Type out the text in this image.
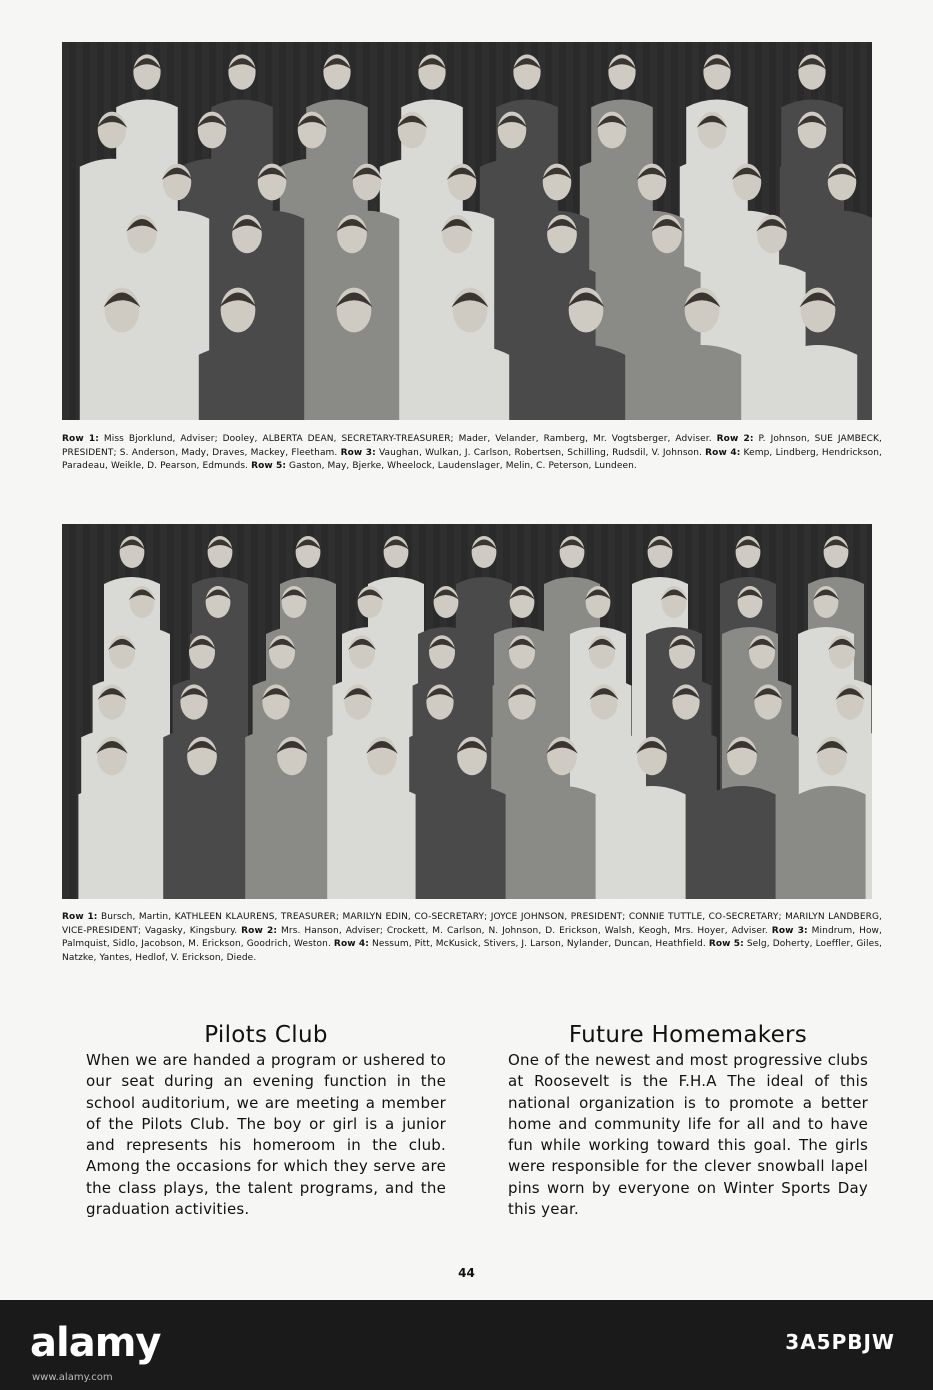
Row 1: Miss Bjorklund, Adviser; Dooley, ALBERTA DEAN, SECRETARY-TREASURER; Mader, Velander, Ramberg, Mr. Vogtsberger, Adviser. Row 2: P. Johnson, SUE JAMBECK, PRESIDENT; S. Anderson, Mady, Draves, Mackey, Fleetham. Row 3: Vaughan, Wulkan, J. Carlson, Robertsen, Schilling, Rudsdil, V. Johnson. Row 4: Kemp, Lindberg, Hendrickson, Paradeau, Weikle, D. Pearson, Edmunds. Row 5: Gaston, May, Bjerke, Wheelock, Laudenslager, Melin, C. Peterson, Lundeen.
Row 1: Bursch, Martin, KATHLEEN KLAURENS, TREASURER; MARILYN EDIN, CO-SECRETARY; JOYCE JOHNSON, PRESIDENT; CONNIE TUTTLE, CO-SECRETARY; MARILYN LANDBERG, VICE-PRESIDENT; Vagasky, Kingsbury. Row 2: Mrs. Hanson, Adviser; Crockett, M. Carlson, N. Johnson, D. Erickson, Walsh, Keogh, Mrs. Hoyer, Adviser. Row 3: Mindrum, How, Palmquist, Sidlo, Jacobson, M. Erickson, Goodrich, Weston. Row 4: Nessum, Pitt, McKusick, Stivers, J. Larson, Nylander, Duncan, Heathfield. Row 5: Selg, Doherty, Loeffler, Giles, Natzke, Yantes, Hedlof, V. Erickson, Diede.
Pilots Club

When we are handed a program or ushered to our seat during an evening function in the school auditorium, we are meeting a member of the Pilots Club. The boy or girl is a junior and represents his homeroom in the club. Among the occasions for which they serve are the class plays, the talent programs, and the graduation activities.

Future Homemakers

One of the newest and most progressive clubs at Roosevelt is the F.H.A The ideal of this national organization is to promote a better home and community life for all and to have fun while working toward this goal. The girls were responsible for the clever snowball lapel pins worn by everyone on Winter Sports Day this year.

44
alamy	3A5PBJW
www.alamy.com
